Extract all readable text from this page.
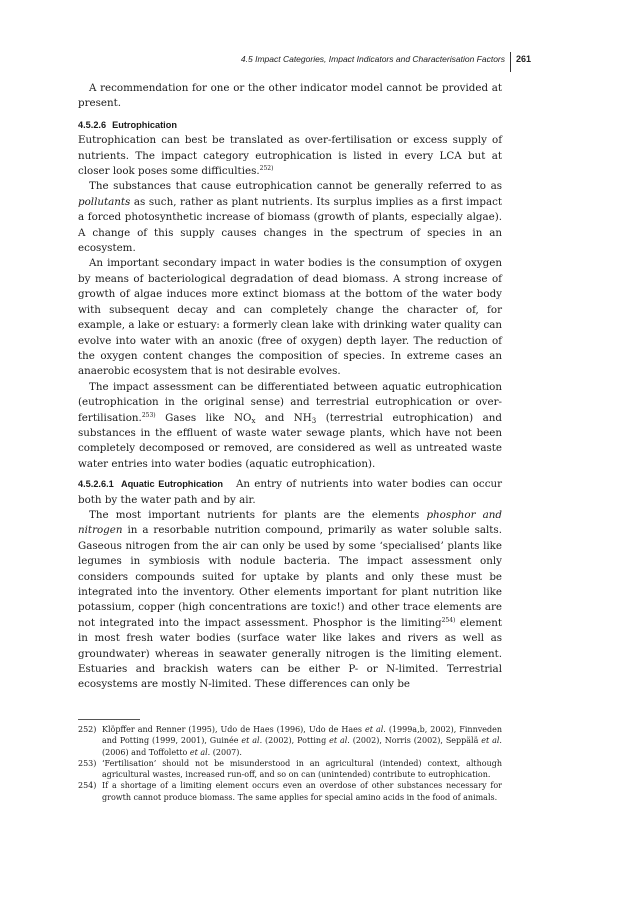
4.5 Impact Categories, Impact Indicators and Characterisation Factors 261

A recommendation for one or the other indicator model cannot be provided at present.

4.5.2.6 Eutrophication

Eutrophication can best be translated as over-fertilisation or excess supply of nutrients. The impact category eutrophication is listed in every LCA but at closer look poses some difficulties.$^{252)}$

The substances that cause eutrophication cannot be generally referred to as pollutants as such, rather as plant nutrients. Its surplus implies as a first impact a forced photosynthetic increase of biomass (growth of plants, especially algae). A change of this supply causes changes in the spectrum of species in an ecosystem.

An important secondary impact in water bodies is the consumption of oxygen by means of bacteriological degradation of dead biomass. A strong increase of growth of algae induces more extinct biomass at the bottom of the water body with subsequent decay and can completely change the character of, for example, a lake or estuary: a formerly clean lake with drinking water quality can evolve into water with an anoxic (free of oxygen) depth layer. The reduction of the oxygen content changes the composition of species. In extreme cases an anaerobic ecosystem that is not desirable evolves.

The impact assessment can be differentiated between aquatic eutrophication (eutrophication in the original sense) and terrestrial eutrophication or over-fertilisation.$^{253)}$ Gases like $NO_x$ and $NH_3$ (terrestrial eutrophication) and substances in the effluent of waste water sewage plants, which have not been completely decomposed or removed, are considered as well as untreated waste water entries into water bodies (aquatic eutrophication).

4.5.2.6.1 Aquatic Eutrophication An entry of nutrients into water bodies can occur both by the water path and by air.

The most important nutrients for plants are the elements phosphor and nitrogen in a resorbable nutrition compound, primarily as water soluble salts. Gaseous nitrogen from the air can only be used by some ‘specialised’ plants like legumes in symbiosis with nodule bacteria. The impact assessment only considers compounds suited for uptake by plants and only these must be integrated into the inventory. Other elements important for plant nutrition like potassium, copper (high concentrations are toxic!) and other trace elements are not integrated into the impact assessment. Phosphor is the limiting$^{254)}$ element in most fresh water bodies (surface water like lakes and rivers as well as groundwater) whereas in seawater generally nitrogen is the limiting element. Estuaries and brackish waters can be either P- or N-limited. Terrestrial ecosystems are mostly N-limited. These differences can only be

252) Klöpffer and Renner (1995), Udo de Haes (1996), Udo de Haes et al. (1999a,b, 2002), Finnveden and Potting (1999, 2001), Guinée et al. (2002), Potting et al. (2002), Norris (2002), Seppälä et al. (2006) and Toffoletto et al. (2007).
253) ‘Fertilisation’ should not be misunderstood in an agricultural (intended) context, although agricultural wastes, increased run-off, and so on can (unintended) contribute to eutrophication.
254) If a shortage of a limiting element occurs even an overdose of other substances necessary for growth cannot produce biomass. The same applies for special amino acids in the food of animals.
